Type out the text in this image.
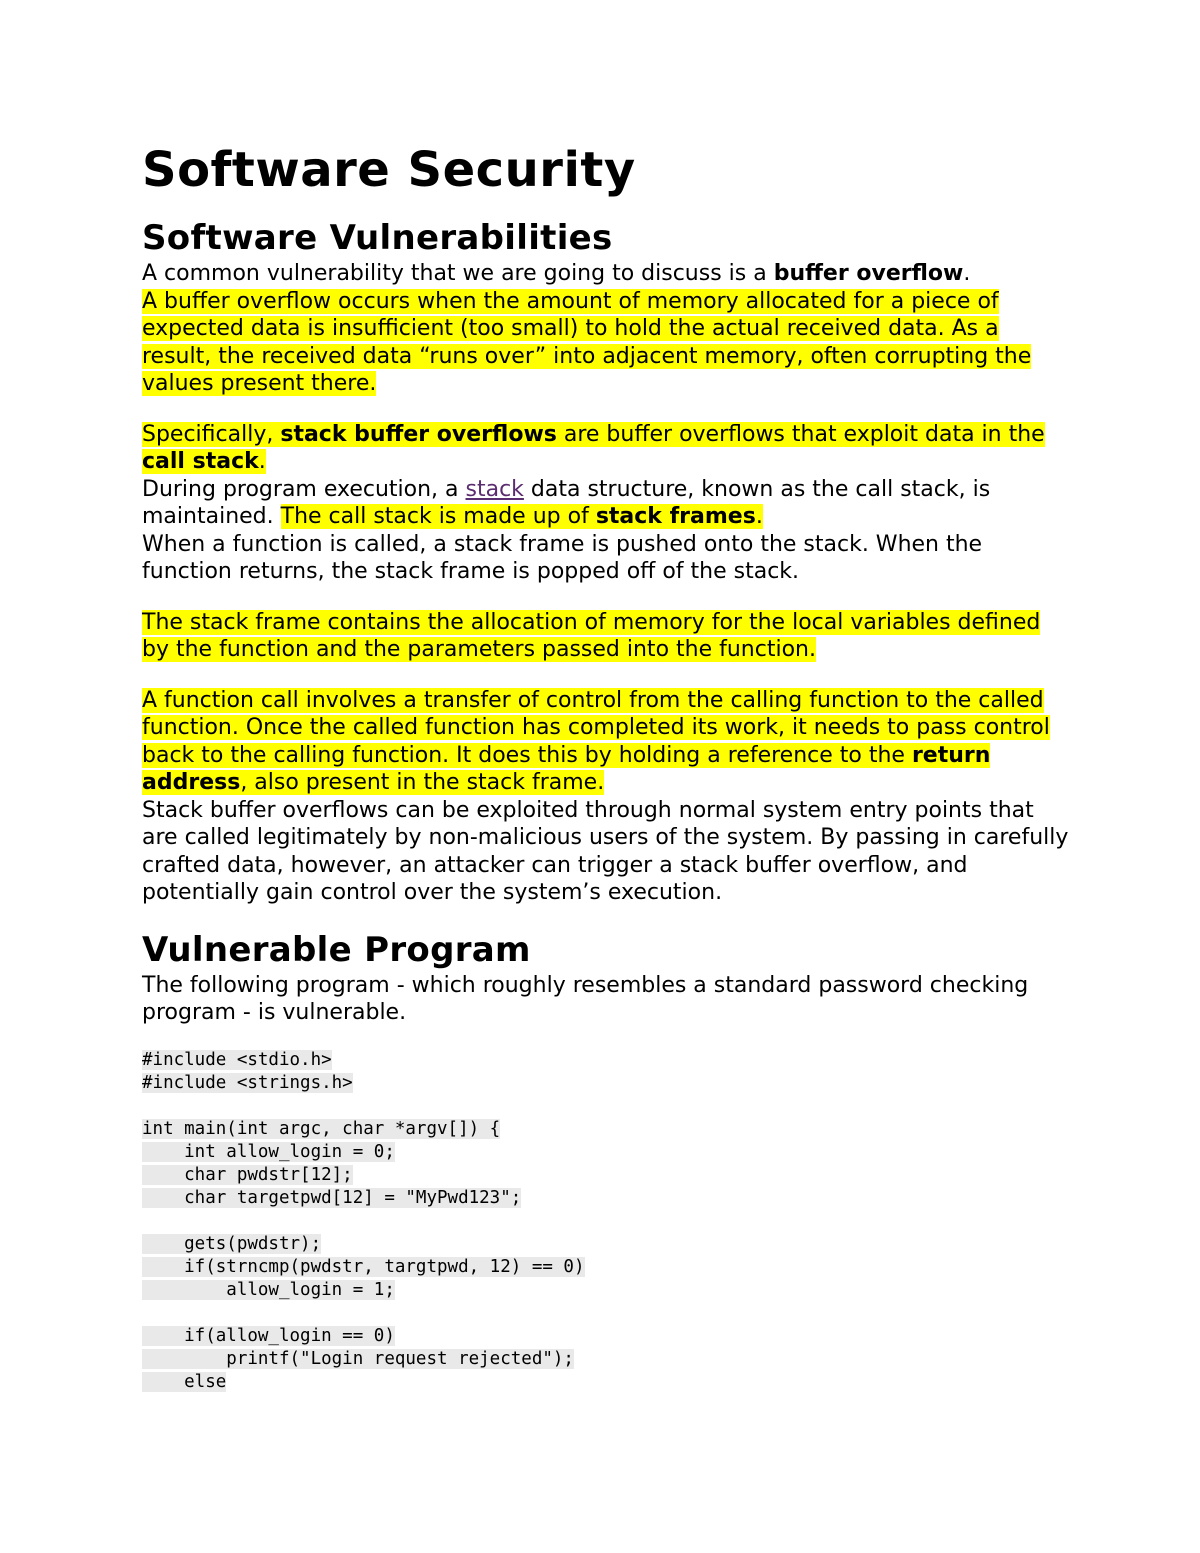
Software Security
Software Vulnerabilities

A common vulnerability that we are going to discuss is a buffer overflow.

A buffer overflow occurs when the amount of memory allocated for a piece of expected data is insufficient (too small) to hold the actual received data. As a result, the received data “runs over” into adjacent memory, often corrupting the values present there.

Specifically, stack buffer overflows are buffer overflows that exploit data in the call stack.

During program execution, a stack data structure, known as the call stack, is maintained. The call stack is made up of stack frames.

When a function is called, a stack frame is pushed onto the stack. When the function returns, the stack frame is popped off of the stack.

The stack frame contains the allocation of memory for the local variables defined by the function and the parameters passed into the function.

A function call involves a transfer of control from the calling function to the called function. Once the called function has completed its work, it needs to pass control back to the calling function. It does this by holding a reference to the return address, also present in the stack frame.

Stack buffer overflows can be exploited through normal system entry points that are called legitimately by non-malicious users of the system. By passing in carefully crafted data, however, an attacker can trigger a stack buffer overflow, and potentially gain control over the system’s execution.

Vulnerable Program

The following program - which roughly resembles a standard password checking program - is vulnerable.

#include <stdio.h>
#include <strings.h>
int main(int argc, char *argv[]) {
int allow_login = 0;
char pwdstr[12];
char targetpwd[12] = "MyPwd123";
gets(pwdstr);
if(strncmp(pwdstr, targtpwd, 12) == 0)
allow_login = 1;
if(allow_login == 0)
printf("Login request rejected");
else
